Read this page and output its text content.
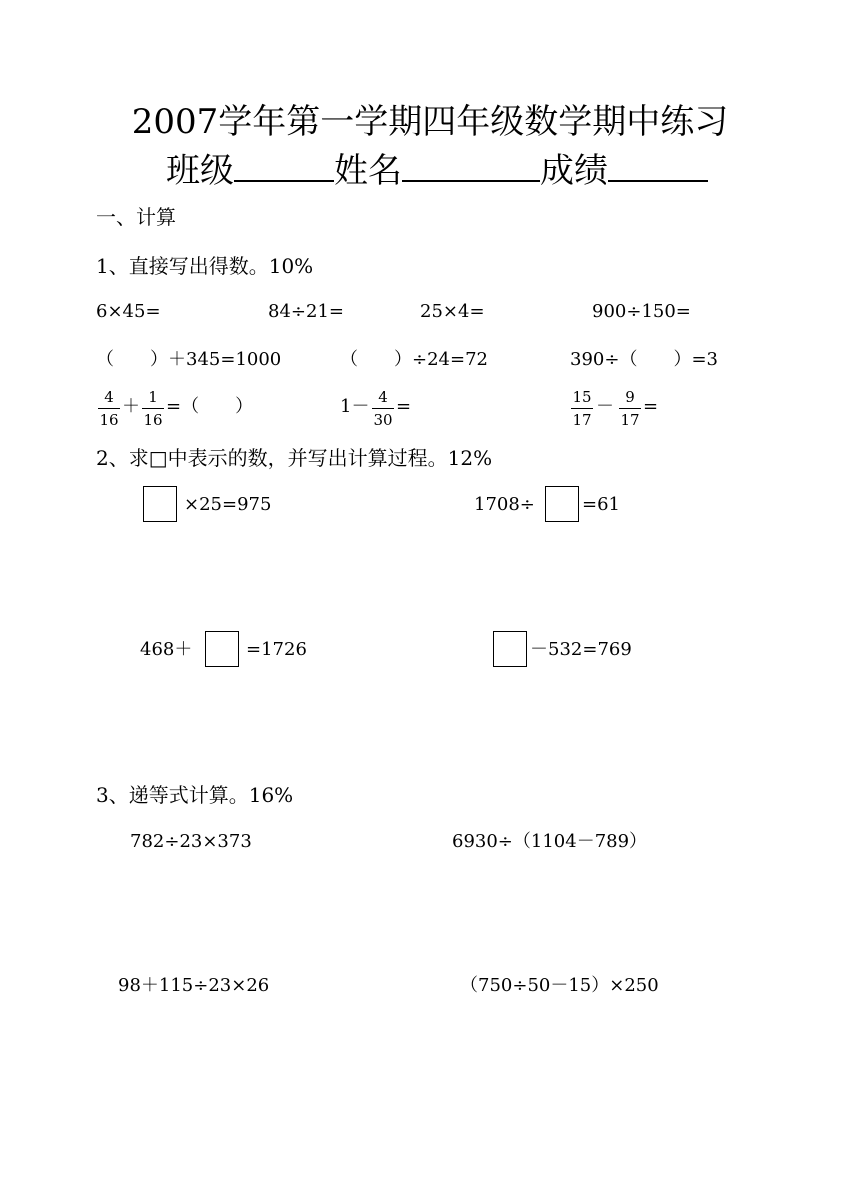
2007学年第一学期四年级数学期中练习
班级	姓名	成绩
一、计算
1、直接写出得数。10%
6×45=	84÷21=	25×4=	900÷150=
（　　）＋345=1000	（　　）÷24=72	390÷（　　）=3
$\frac{4}{16} + \frac{1}{16}$ =（　　）	$1- \frac{4}{30}$ =	$\frac{15}{17} - \frac{9}{17}$ =
2、求□中表示的数，并写出计算过程。12%
×25=975	1708÷	=61
468＋	=1726	－532=769
3、递等式计算。16%
782÷23×373	6930÷（1104－789）
98＋115÷23×26	（750÷50－15）×250
